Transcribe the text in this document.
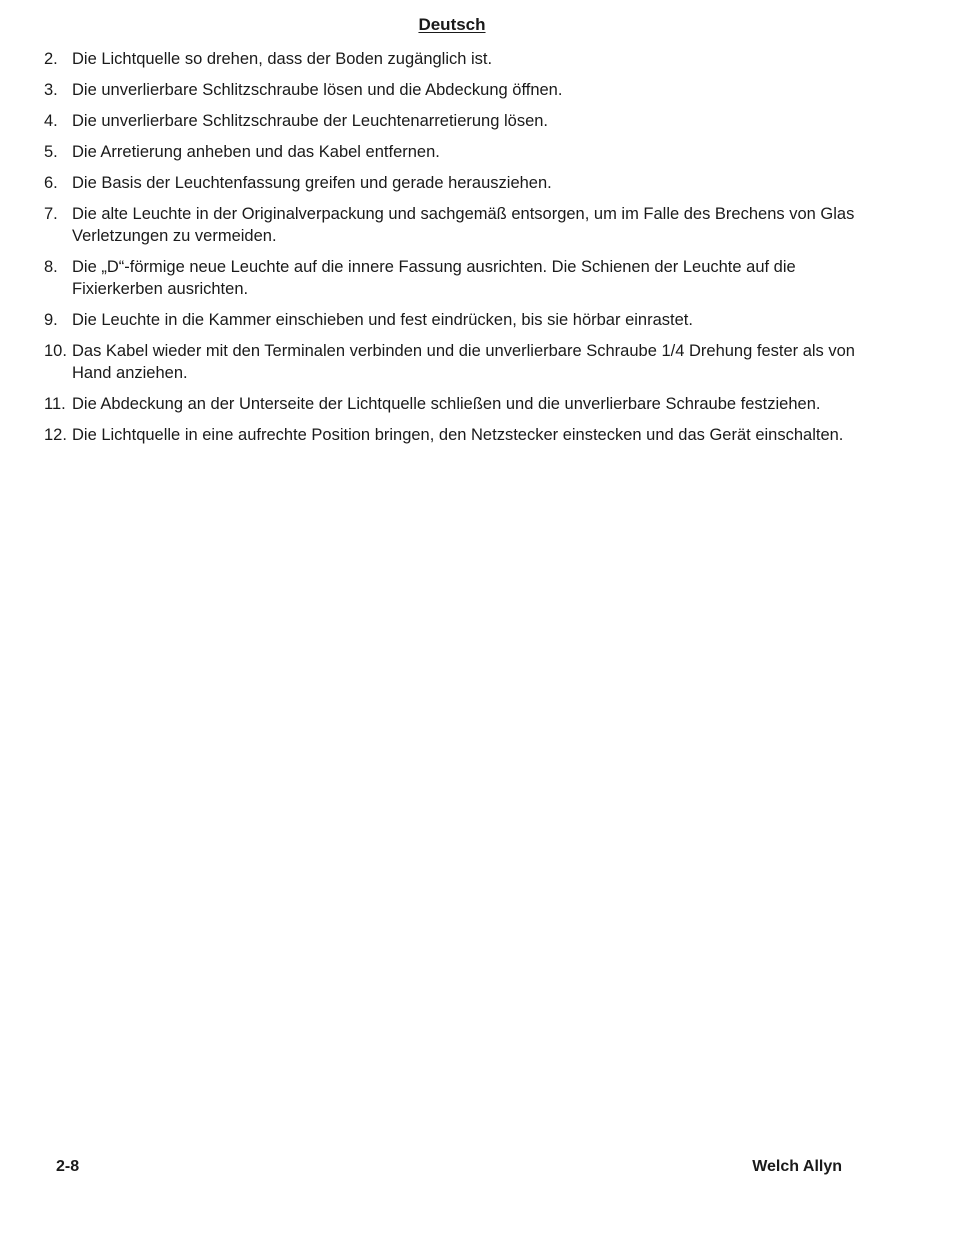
Deutsch
2. Die Lichtquelle so drehen, dass der Boden zugänglich ist.
3. Die unverlierbare Schlitzschraube lösen und die Abdeckung öffnen.
4. Die unverlierbare Schlitzschraube der Leuchtenarretierung lösen.
5. Die Arretierung anheben und das Kabel entfernen.
6. Die Basis der Leuchtenfassung greifen und gerade herausziehen.
7. Die alte Leuchte in der Originalverpackung und sachgemäß entsorgen, um im Falle des Brechens von Glas Verletzungen zu vermeiden.
8. Die „D“-förmige neue Leuchte auf die innere Fassung ausrichten. Die Schienen der Leuchte auf die Fixierkerben ausrichten.
9. Die Leuchte in die Kammer einschieben und fest eindrücken, bis sie hörbar einrastet.
10. Das Kabel wieder mit den Terminalen verbinden und die unverlierbare Schraube 1/4 Drehung fester als von Hand anziehen.
11. Die Abdeckung an der Unterseite der Lichtquelle schließen und die unverlierbare Schraube festziehen.
12. Die Lichtquelle in eine aufrechte Position bringen, den Netzstecker einstecken und das Gerät einschalten.
2-8	Welch Allyn
